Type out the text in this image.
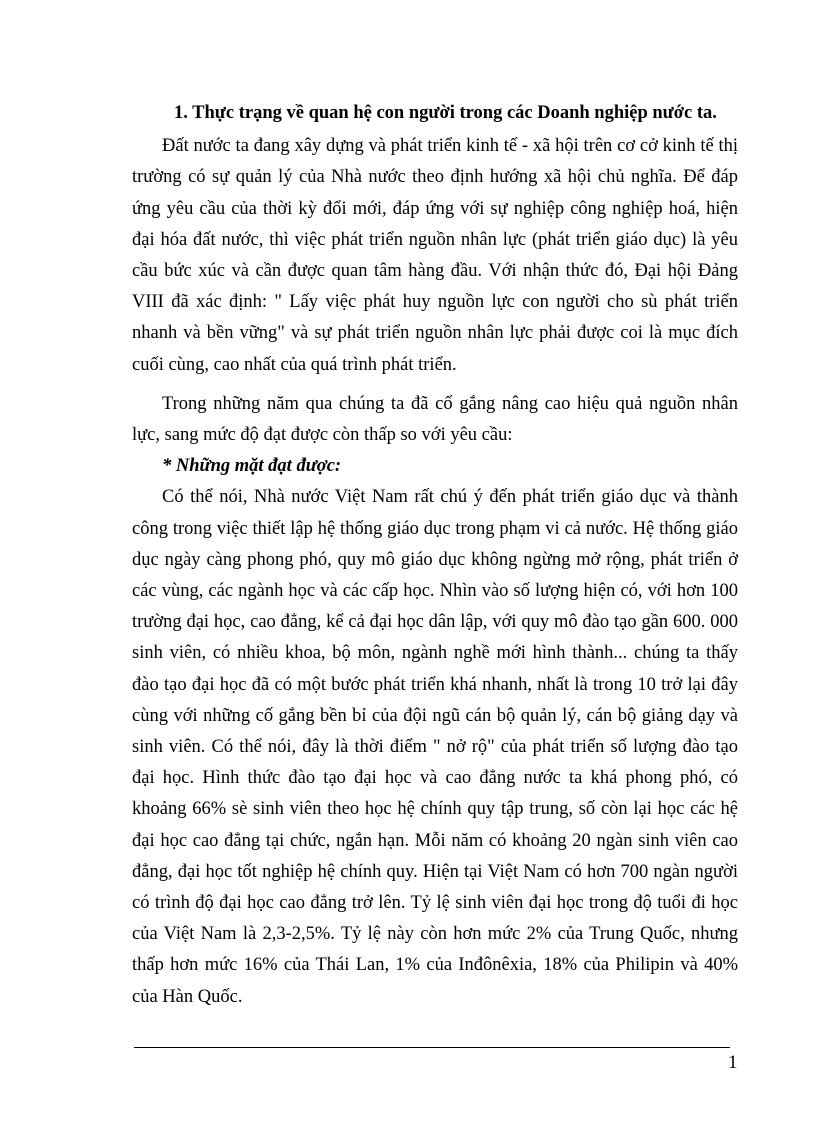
1. Thực trạng về quan hệ con người trong các Doanh nghiệp nước ta.

Đất nước ta đang xây dựng và phát triển kinh tế - xã hội trên cơ cở kinh tế thị trường có sự quản lý của Nhà nước theo định hướng xã hội chủ nghĩa. Để đáp ứng yêu cầu của thời kỳ đổi mới, đáp ứng với sự nghiệp công nghiệp hoá, hiện đại hóa đất nước, thì việc phát triển nguồn nhân lực (phát triển giáo dục) là yêu cầu bức xúc và cần được quan tâm hàng đầu. Với nhận thức đó, Đại hội Đảng VIII đã xác định: " Lấy việc phát huy nguồn lực con người cho sù phát triển nhanh và bền vững" và sự phát triển nguồn nhân lực phải được coi là mục đích cuối cùng, cao nhất của quá trình phát triển.

Trong những năm qua chúng ta đã cố gắng nâng cao hiệu quả nguồn nhân lực, sang mức độ đạt được còn thấp so với yêu cầu:

* Những mặt đạt được:

Có thể nói, Nhà nước Việt Nam rất chú ý đến phát triển giáo dục và thành công trong việc thiết lập hệ thống giáo dục trong phạm vi cả nước. Hệ thống giáo dục ngày càng phong phó, quy mô giáo dục không ngừng mở rộng, phát triển ở các vùng, các ngành học và các cấp học. Nhìn vào số lượng hiện có, với hơn 100 trường đại học, cao đẳng, kể cả đại học dân lập, với quy mô đào tạo gần 600. 000 sinh viên, có nhiều khoa, bộ môn, ngành nghề mới hình thành... chúng ta thấy đào tạo đại học đã có một bước phát triển khá nhanh, nhất là trong 10 trở lại đây cùng với những cố gắng bền bỉ của đội ngũ cán bộ quản lý, cán bộ giảng dạy và sinh viên. Có thể nói, đây là thời điểm " nở rộ" của phát triển số lượng đào tạo đại học. Hình thức đào tạo đại học và cao đẳng nước ta khá phong phó, có khoảng 66% sè sinh viên theo học hệ chính quy tập trung, số còn lại học các hệ đại học cao đẳng tại chức, ngắn hạn. Mỗi năm có khoảng 20 ngàn sinh viên cao đẳng, đại học tốt nghiệp hệ chính quy. Hiện tại Việt Nam có hơn 700 ngàn người có trình độ đại học cao đẳng trở lên. Tỷ lệ sinh viên đại học trong độ tuổi đi học của Việt Nam là 2,3-2,5%. Tỷ lệ này còn hơn mức 2% của Trung Quốc, nhưng thấp hơn mức 16% của Thái Lan, 1% của Inđônêxia, 18% của Philipin và 40% của Hàn Quốc.

1
